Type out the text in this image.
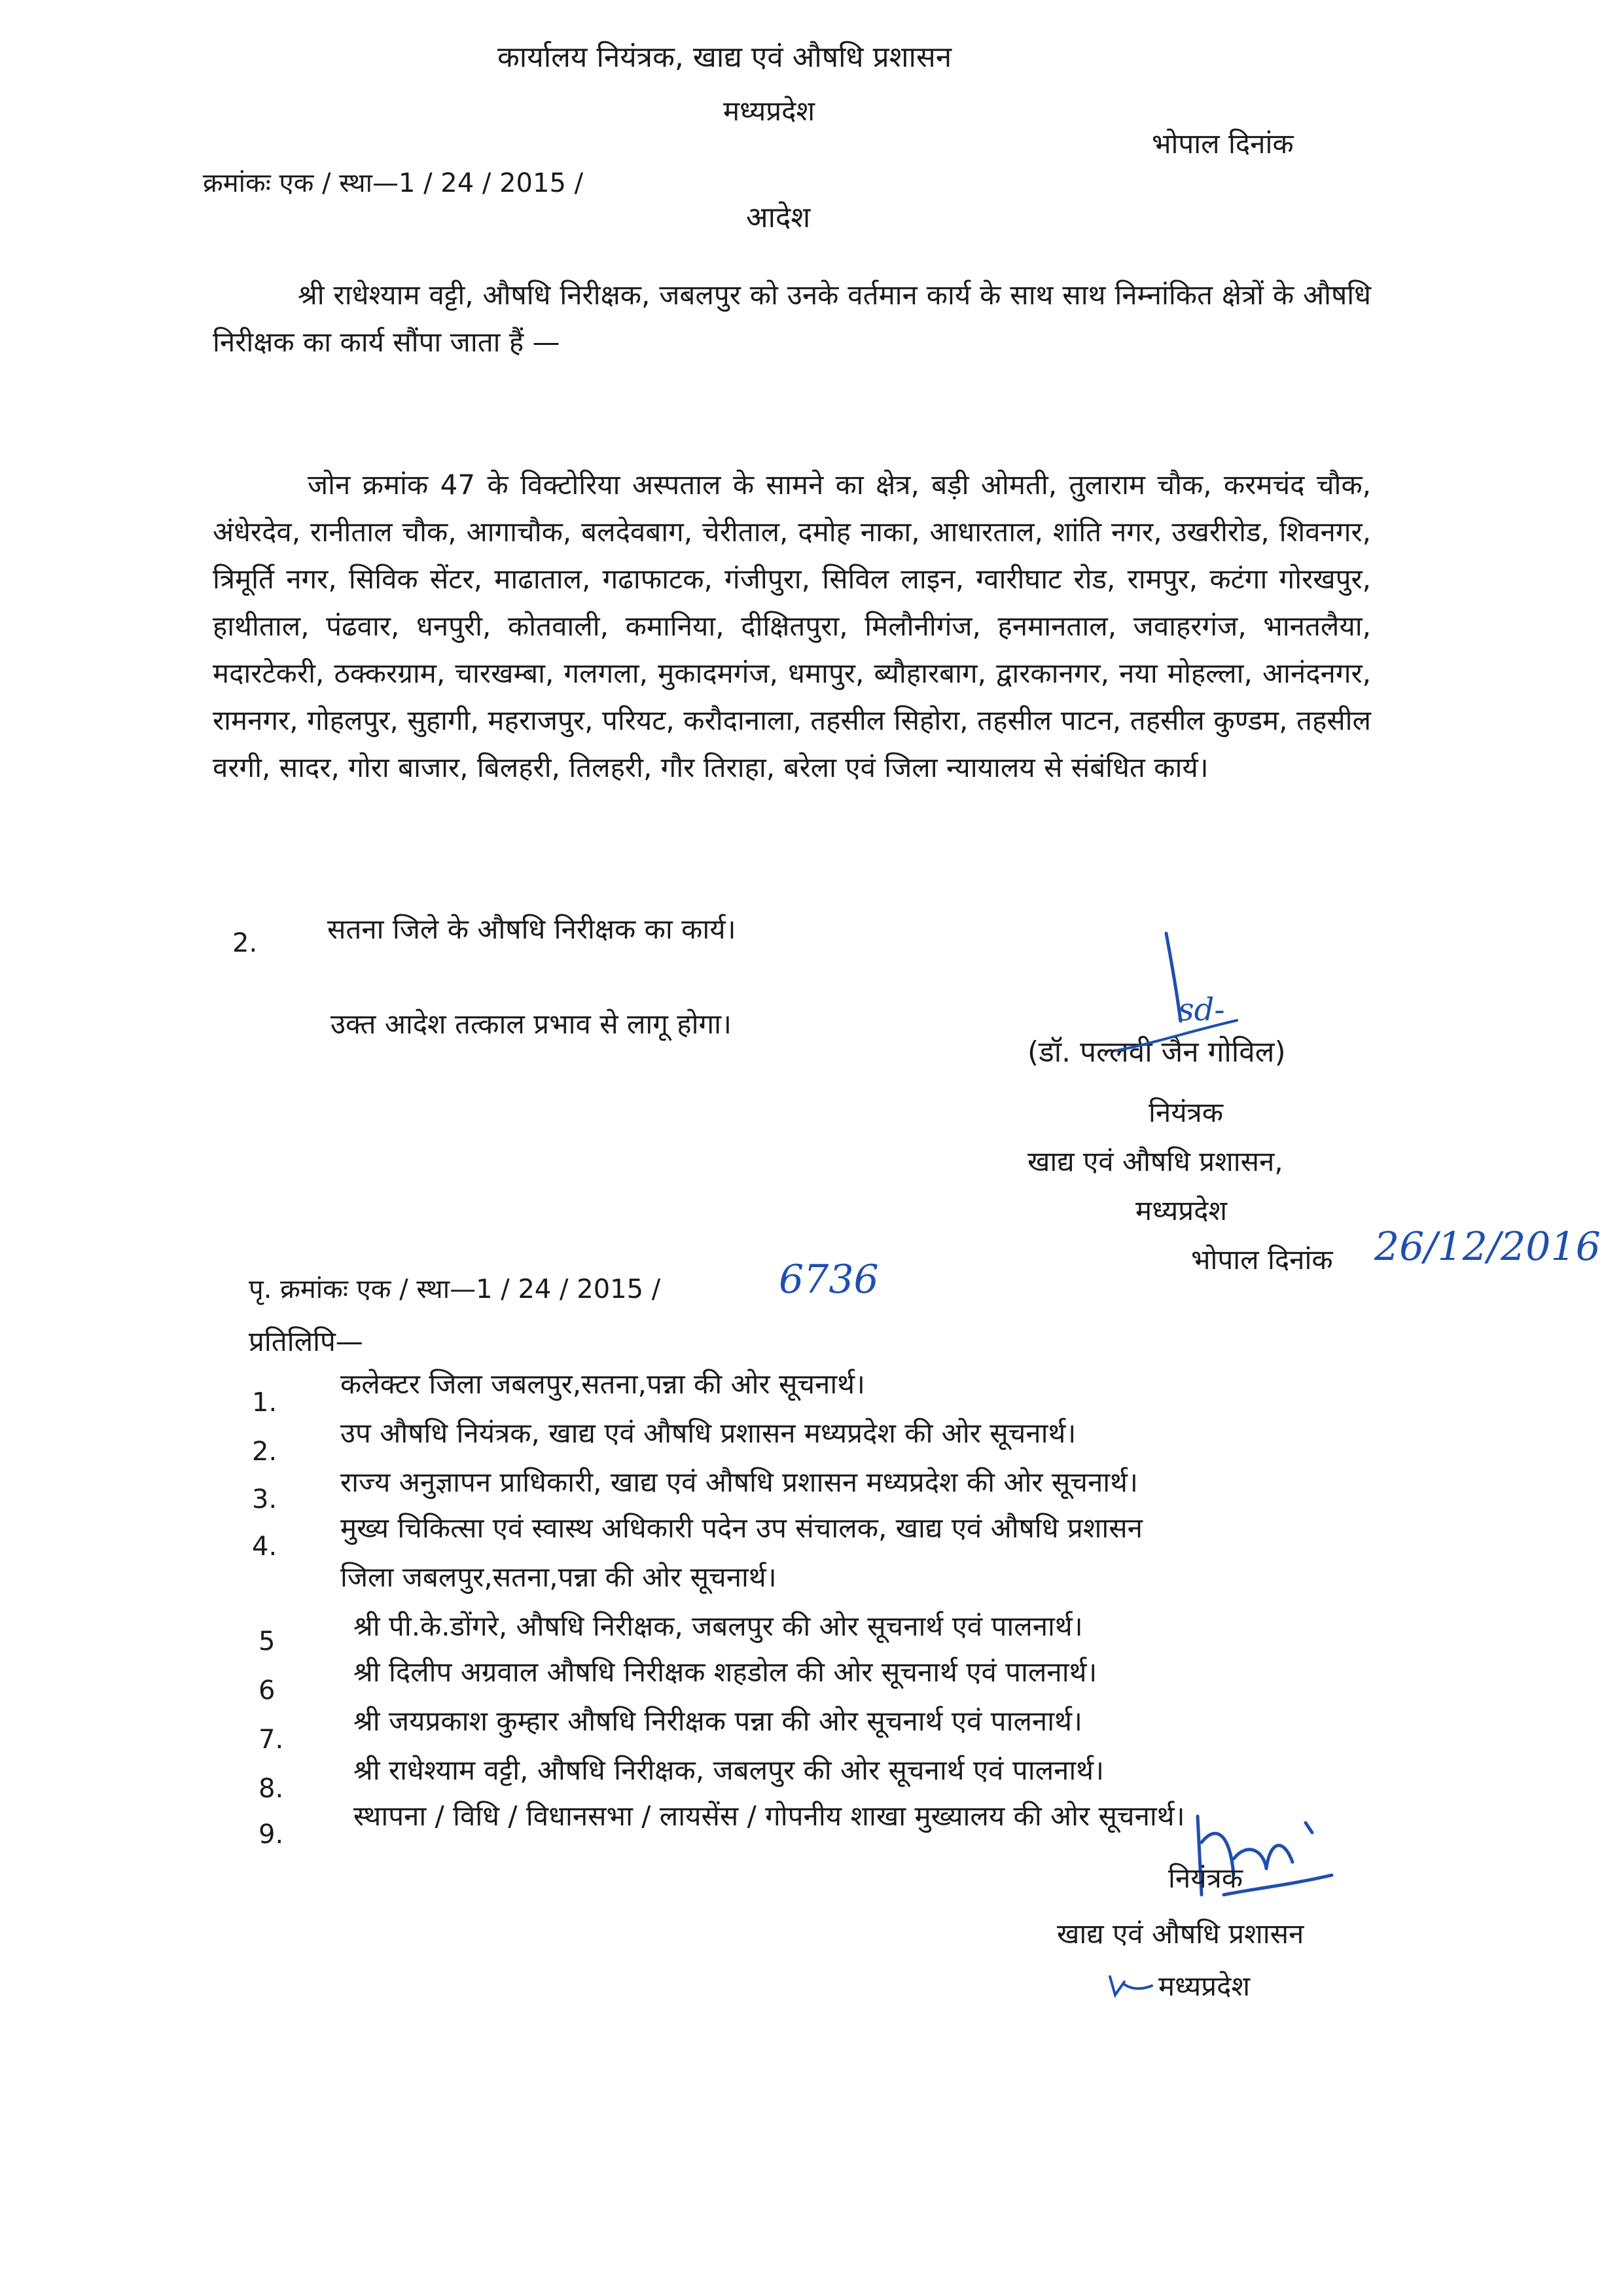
कार्यालय नियंत्रक, खाद्य एवं औषधि प्रशासन
मध्यप्रदेश
भोपाल दिनांक
क्रमांकः एक / स्था—1 / 24 / 2015 /
आदेश
श्री राधेश्याम वट्टी, औषधि निरीक्षक, जबलपुर को उनके वर्तमान कार्य के साथ साथ निम्नांकित क्षेत्रों के औषधि निरीक्षक का कार्य सौंपा जाता हैं —
जोन क्रमांक 47 के विक्टोरिया अस्पताल के सामने का क्षेत्र, बड़ी ओमती, तुलाराम चौक, करमचंद चौक, अंधेरदेव, रानीताल चौक, आगाचौक, बलदेवबाग, चेरीताल, दमोह नाका, आधारताल, शांति नगर, उखरीरोड, शिवनगर, त्रिमूर्ति नगर, सिविक सेंटर, माढाताल, गढाफाटक, गंजीपुरा, सिविल लाइन, ग्वारीघाट रोड, रामपुर, कटंगा गोरखपुर, हाथीताल, पंढवार, धनपुरी, कोतवाली, कमानिया, दीक्षितपुरा, मिलौनीगंज, हनमानताल, जवाहरगंज, भानतलैया, मदारटेकरी, ठक्करग्राम, चारखम्बा, गलगला, मुकादमगंज, धमापुर, ब्यौहारबाग, द्वारकानगर, नया मोहल्ला, आनंदनगर, रामनगर, गोहलपुर, सुहागी, महराजपुर, परियट, करौदानाला, तहसील सिहोरा, तहसील पाटन, तहसील कुण्डम, तहसील वरगी, सादर, गोरा बाजार, बिलहरी, तिलहरी, गौर तिराहा, बरेला एवं जिला न्यायालय से संबंधित कार्य।
2.	सतना जिले के औषधि निरीक्षक का कार्य।
उक्त आदेश तत्काल प्रभाव से लागू होगा।	sd-
(डॉ. पल्लवी जैन गोविल)
नियंत्रक
खाद्य एवं औषधि प्रशासन,
मध्यप्रदेश
भोपाल दिनांक 26/12/2016
पृ. क्रमांकः एक / स्था—1 / 24 / 2015 /	6736
प्रतिलिपि—
1.
कलेक्टर जिला जबलपुर,सतना,पन्ना की ओर सूचनार्थ।
2.
उप औषधि नियंत्रक, खाद्य एवं औषधि प्रशासन मध्यप्रदेश की ओर सूचनार्थ।
3.
राज्य अनुज्ञापन प्राधिकारी, खाद्य एवं औषधि प्रशासन मध्यप्रदेश की ओर सूचनार्थ।
4.
मुख्य चिकित्सा एवं स्वास्थ अधिकारी पदेन उप संचालक, खाद्य एवं औषधि प्रशासन
जिला जबलपुर,सतना,पन्ना की ओर सूचनार्थ।
5	श्री पी.के.डोंगरे, औषधि निरीक्षक, जबलपुर की ओर सूचनार्थ एवं पालनार्थ।
6
श्री दिलीप अग्रवाल औषधि निरीक्षक शहडोल की ओर सूचनार्थ एवं पालनार्थ।
7.
श्री जयप्रकाश कुम्हार औषधि निरीक्षक पन्ना की ओर सूचनार्थ एवं पालनार्थ।
8.
श्री राधेश्याम वट्टी, औषधि निरीक्षक, जबलपुर की ओर सूचनार्थ एवं पालनार्थ।
9.
स्थापना / विधि / विधानसभा / लायसेंस / गोपनीय शाखा मुख्यालय की ओर सूचनार्थ।
नियंत्रक
खाद्य एवं औषधि प्रशासन
मध्यप्रदेश
